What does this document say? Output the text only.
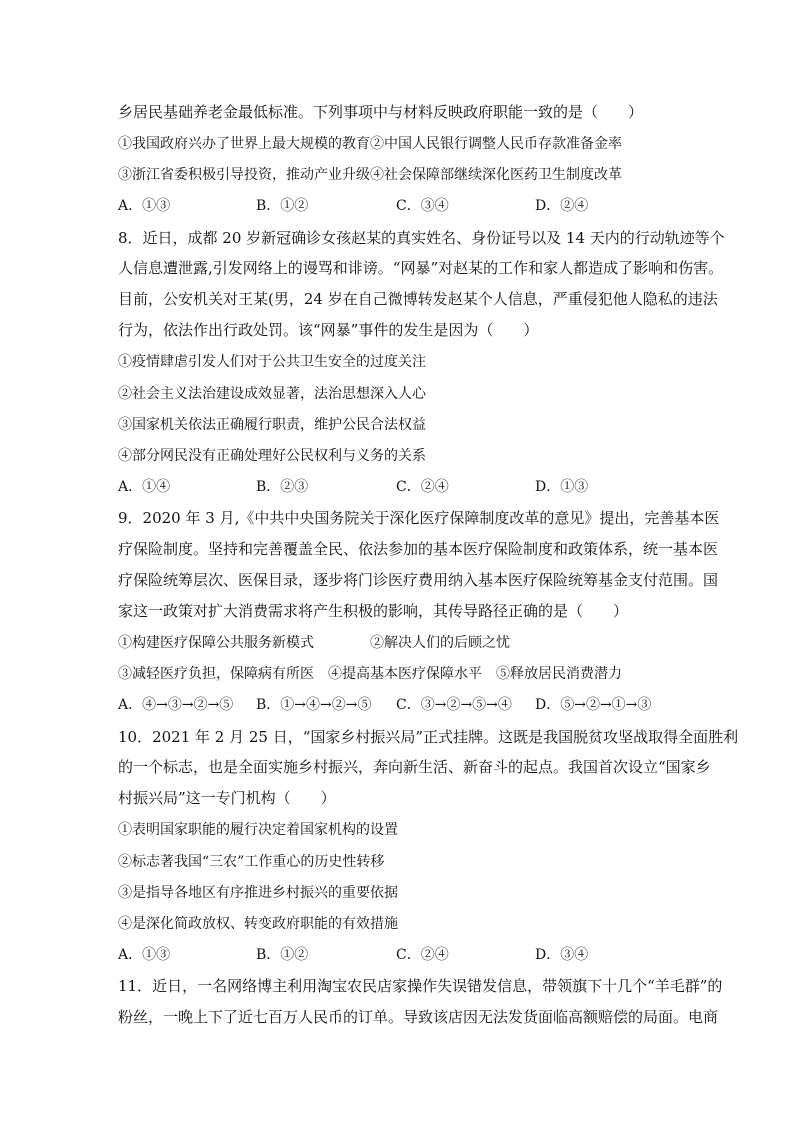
乡居民基础养老金最低标准。下列事项中与材料反映政府职能一致的是（　　）
①我国政府兴办了世界上最大规模的教育②中国人民银行调整人民币存款准备金率
③浙江省委积极引导投资，推动产业升级④社会保障部继续深化医药卫生制度改革
A．①③	B．①②	C．③④	D．②④
8．近日，成都 20 岁新冠确诊女孩赵某的真实姓名、身份证号以及 14 天内的行动轨迹等个
人信息遭泄露,引发网络上的谩骂和诽谤。“网暴”对赵某的工作和家人都造成了影响和伤害。
目前，公安机关对王某(男，24 岁在自己微博转发赵某个人信息，严重侵犯他人隐私的违法
行为，依法作出行政处罚。该“网暴”事件的发生是因为（　　）
①疫情肆虐引发人们对于公共卫生安全的过度关注
②社会主义法治建设成效显著，法治思想深入人心
③国家机关依法正确履行职责，维护公民合法权益
④部分网民没有正确处理好公民权利与义务的关系
A．①④	B．②③	C．②④	D．①③
9．2020 年 3 月,《中共中央国务院关于深化医疗保障制度改革的意见》提出，完善基本医
疗保险制度。坚持和完善覆盖全民、依法参加的基本医疗保险制度和政策体系，统一基本医
疗保险统筹层次、医保目录，逐步将门诊医疗费用纳入基本医疗保险统筹基金支付范围。国
家这一政策对扩大消费需求将产生积极的影响，其传导路径正确的是（　　）
①构建医疗保障公共服务新模式　　　　②解决人们的后顾之忧
③减轻医疗负担，保障病有所医　④提高基本医疗保障水平　⑤释放居民消费潜力
A．④→③→②→⑤ B．①→④→②→⑤ C．③→②→⑤→④ D．⑤→②→①→③
10．2021 年 2 月 25 日，“国家乡村振兴局”正式挂牌。这既是我国脱贫攻坚战取得全面胜利
的一个标志，也是全面实施乡村振兴，奔向新生活、新奋斗的起点。我国首次设立“国家乡
村振兴局”这一专门机构（　　）
①表明国家职能的履行决定着国家机构的设置
②标志著我国“三农”工作重心的历史性转移
③是指导各地区有序推进乡村振兴的重要依据
④是深化简政放权、转变政府职能的有效措施
A．①③	B．①②	C．②④	D．③④
11．近日，一名网络博主利用淘宝农民店家操作失误错发信息，带领旗下十几个“羊毛群”的
粉丝，一晚上下了近七百万人民币的订单。导致该店因无法发货面临高额赔偿的局面。电商
